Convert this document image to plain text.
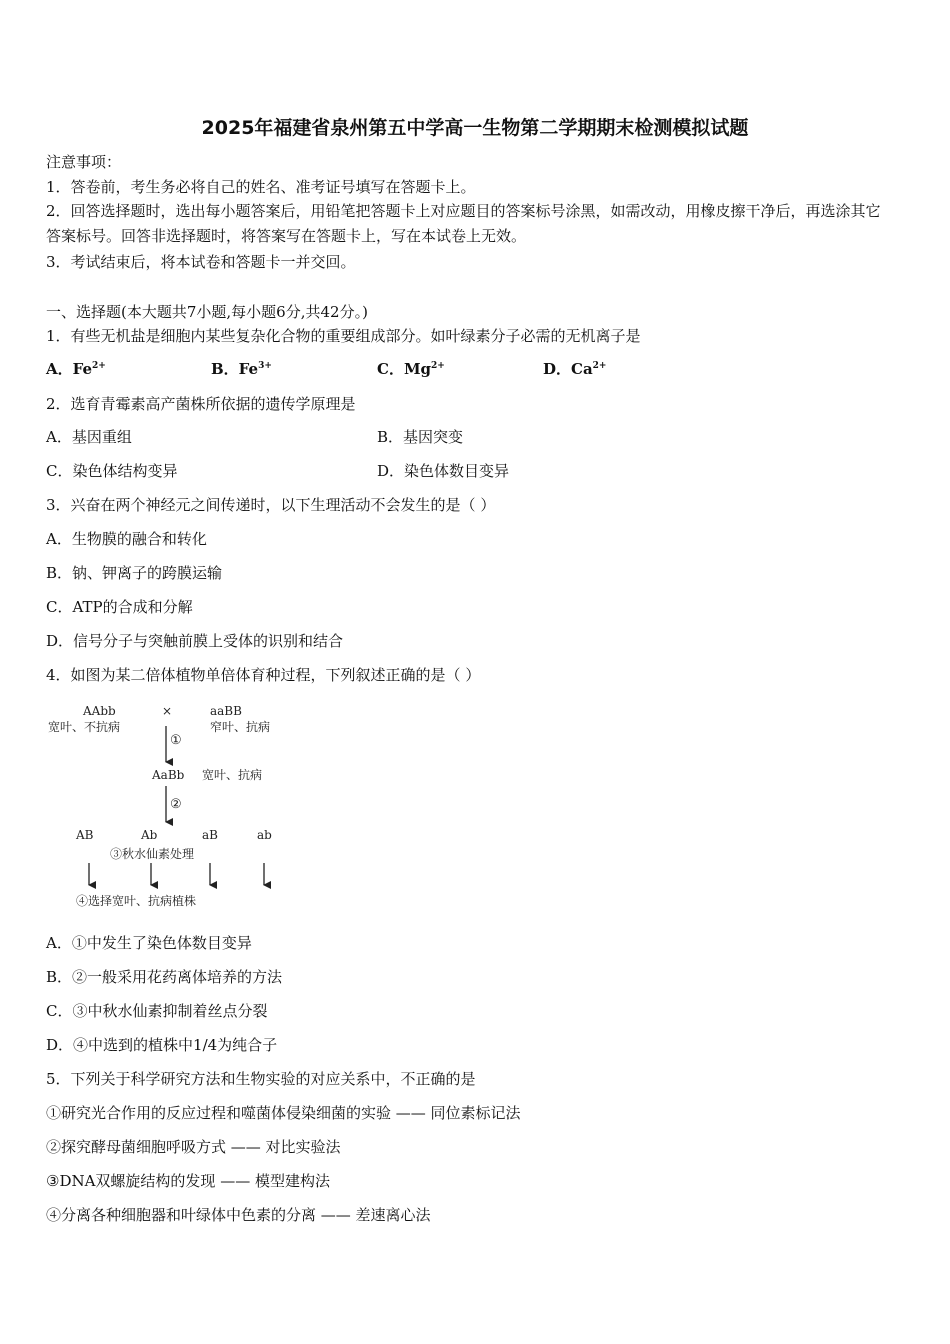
2025年福建省泉州第五中学高一生物第二学期期末检测模拟试题
注意事项：
1．答卷前，考生务必将自己的姓名、准考证号填写在答题卡上。
2．回答选择题时，选出每小题答案后，用铅笔把答题卡上对应题目的答案标号涂黑，如需改动，用橡皮擦干净后，再选涂其它答案标号。回答非选择题时，将答案写在答题卡上，写在本试卷上无效。
3．考试结束后，将本试卷和答题卡一并交回。
一、选择题(本大题共7小题,每小题6分,共42分。)
1．有些无机盐是细胞内某些复杂化合物的重要组成部分。如叶绿素分子必需的无机离子是
A．$Fe^{2+}$	B．$Fe^{3+}$	C．$Mg^{2+}$	D．$Ca^{2+}$
2．选育青霉素高产菌株所依据的遗传学原理是
A．基因重组	B．基因突变
C．染色体结构变异	D．染色体数目变异
3．兴奋在两个神经元之间传递时，以下生理活动不会发生的是（ ）
A．生物膜的融合和转化
B．钠、钾离子的跨膜运输
C．ATP的合成和分解
D．信号分子与突触前膜上受体的识别和结合
4．如图为某二倍体植物单倍体育种过程，下列叙述正确的是（ ）
AAbb
宽叶、不抗病
×	aaBB
窄叶、抗病
①
AaBb 宽叶、抗病
②
AB	Ab	aB	ab
③秋水仙素处理
④选择宽叶、抗病植株
A．①中发生了染色体数目变异
B．②一般采用花药离体培养的方法
C．③中秋水仙素抑制着丝点分裂
D．④中选到的植株中1/4为纯合子
5．下列关于科学研究方法和生物实验的对应关系中，不正确的是
①研究光合作用的反应过程和噬菌体侵染细菌的实验 —— 同位素标记法
②探究酵母菌细胞呼吸方式 —— 对比实验法
③DNA双螺旋结构的发现 —— 模型建构法
④分离各种细胞器和叶绿体中色素的分离 —— 差速离心法
